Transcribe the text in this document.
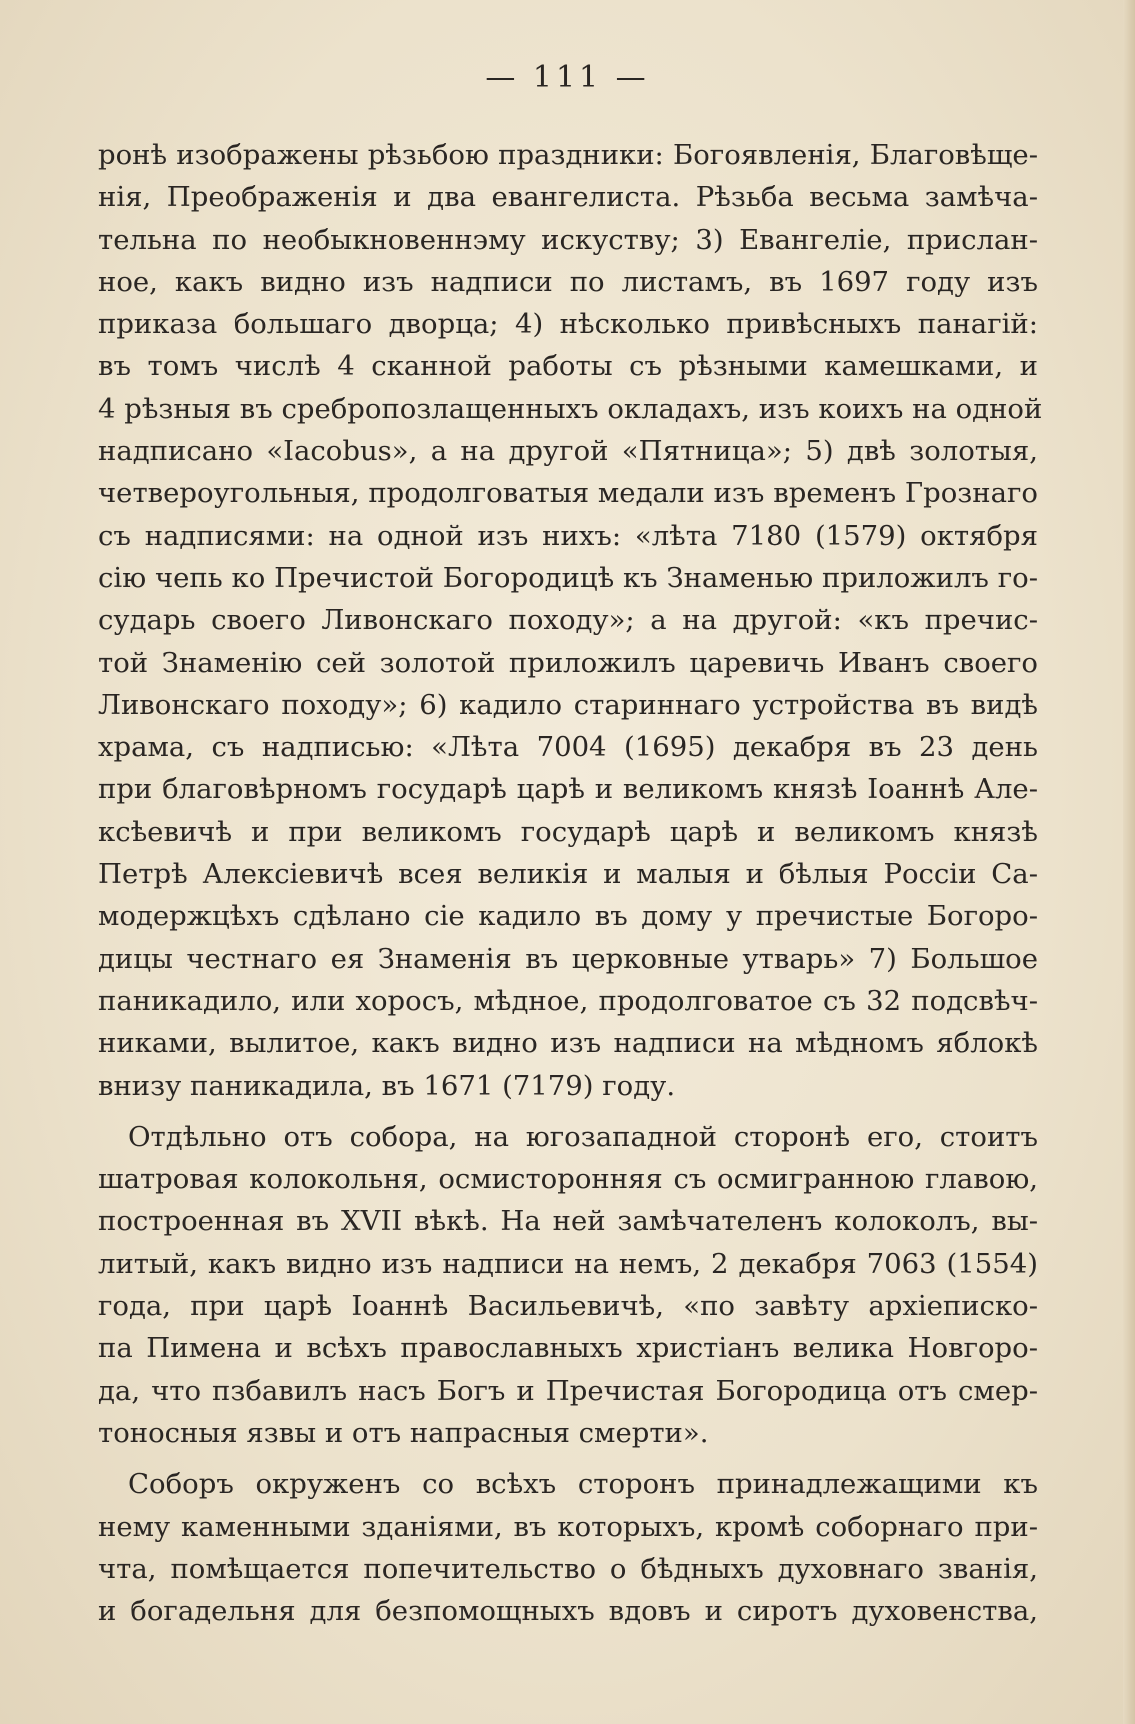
— 111 —
ронѣ изображены рѣзьбою праздники: Богоявленія, Благовѣще-
нія, Преображенія и два евангелиста. Рѣзьба весьма замѣча-
тельна по необыкновеннэму искуству; 3) Евангеліе, прислан-
ное, какъ видно изъ надписи по листамъ, въ 1697 году изъ
приказа большаго дворца; 4) нѣсколько привѣсныхъ панагій:
въ томъ числѣ 4 сканной работы съ рѣзными камешками, и
4 рѣзныя въ сребропозлащенныхъ окладахъ, изъ коихъ на одной
надписано «Iacobus», а на другой «Пятница»; 5) двѣ золотыя,
четвероугольныя, продолговатыя медали изъ временъ Грознаго
съ надписями: на одной изъ нихъ: «лѣта 7180 (1579) октября
сію чепь ко Пречистой Богородицѣ къ Знаменью приложилъ го-
сударь своего Ливонскаго походу»; а на другой: «къ пречис-
той Знаменію сей золотой приложилъ царевичь Иванъ своего
Ливонскаго походу»; 6) кадило стариннаго устройства въ видѣ
храма, съ надписью: «Лѣта 7004 (1695) декабря въ 23 день
при благовѣрномъ государѣ царѣ и великомъ князѣ Іоаннѣ Але-
ксѣевичѣ и при великомъ государѣ царѣ и великомъ князѣ
Петрѣ Алексіевичѣ всея великія и малыя и бѣлыя Россіи Са-
модержцѣхъ сдѣлано сіе кадило въ дому у пречистые Богоро-
дицы честнаго ея Знаменія въ церковные утварь» 7) Большое
паникадило, или хоросъ, мѣдное, продолговатое съ 32 подсвѣч-
никами, вылитое, какъ видно изъ надписи на мѣдномъ яблокѣ
внизу паникадила, въ 1671 (7179) году.
Отдѣльно отъ собора, на югозападной сторонѣ его, стоитъ
шатровая колокольня, осмисторонняя съ осмигранною главою,
построенная въ XVII вѣкѣ. На ней замѣчателенъ колоколъ, вы-
литый, какъ видно изъ надписи на немъ, 2 декабря 7063 (1554)
года, при царѣ Іоаннѣ Васильевичѣ, «по завѣту архіеписко-
па Пимена и всѣхъ православныхъ христіанъ велика Новгоро-
да, что пзбавилъ насъ Богъ и Пречистая Богородица отъ смер-
тоносныя язвы и отъ напрасныя смерти».
Соборъ окруженъ со всѣхъ сторонъ принадлежащими къ
нему каменными зданіями, въ которыхъ, кромѣ соборнаго при-
чта, помѣщается попечительство о бѣдныхъ духовнаго званія,
и богадельня для безпомощныхъ вдовъ и сиротъ духовенства,
